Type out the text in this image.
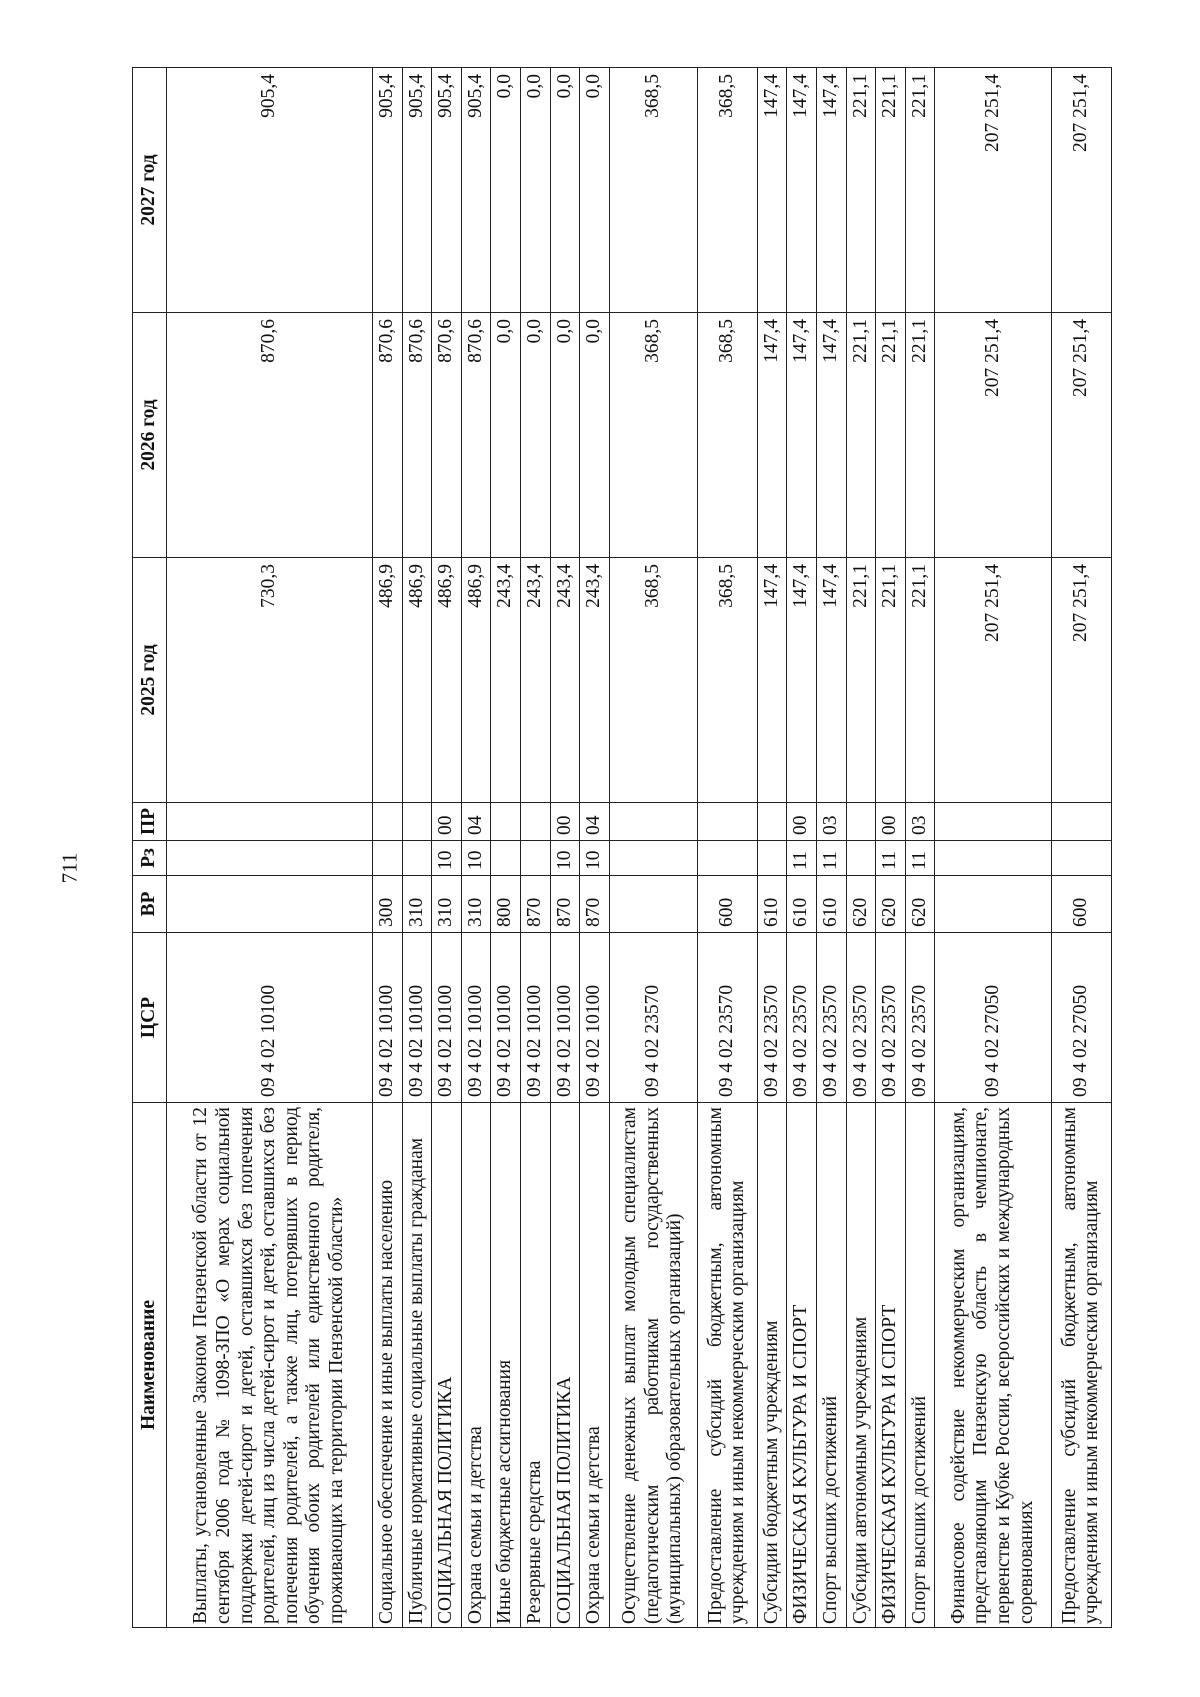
711
Наименование	ЦСР	ВР	Рз	ПР	2025 год	2026 год	2027 год
Выплаты, установленные Законом Пензенской области от 12 сентября 2006 года № 1098-ЗПО «О мерах социальной поддержки детей-сирот и детей, оставшихся без попечения родителей, лиц из числа детей-сирот и детей, оставшихся без попечения родителей, а также лиц, потерявших в период обучения обоих родителей или единственного родителя, проживающих на территории Пензенской области»	09 4 02 10100				730,3	870,6	905,4
Социальное обеспечение и иные выплаты населению	09 4 02 10100	300			486,9	870,6	905,4
Публичные нормативные социальные выплаты гражданам	09 4 02 10100	310			486,9	870,6	905,4
СОЦИАЛЬНАЯ ПОЛИТИКА	09 4 02 10100	310	10	00	486,9	870,6	905,4
Охрана семьи и детства	09 4 02 10100	310	10	04	486,9	870,6	905,4
Иные бюджетные ассигнования	09 4 02 10100	800			243,4	0,0	0,0
Резервные средства	09 4 02 10100	870			243,4	0,0	0,0
СОЦИАЛЬНАЯ ПОЛИТИКА	09 4 02 10100	870	10	00	243,4	0,0	0,0
Охрана семьи и детства	09 4 02 10100	870	10	04	243,4	0,0	0,0
Осуществление денежных выплат молодым специалистам (педагогическим работникам государственных (муниципальных) образовательных организаций)	09 4 02 23570				368,5	368,5	368,5
Предоставление субсидий бюджетным, автономным учреждениям и иным некоммерческим организациям	09 4 02 23570	600			368,5	368,5	368,5
Субсидии бюджетным учреждениям	09 4 02 23570	610			147,4	147,4	147,4
ФИЗИЧЕСКАЯ КУЛЬТУРА И СПОРТ	09 4 02 23570	610	11	00	147,4	147,4	147,4
Спорт высших достижений	09 4 02 23570	610	11	03	147,4	147,4	147,4
Субсидии автономным учреждениям	09 4 02 23570	620			221,1	221,1	221,1
ФИЗИЧЕСКАЯ КУЛЬТУРА И СПОРТ	09 4 02 23570	620	11	00	221,1	221,1	221,1
Спорт высших достижений	09 4 02 23570	620	11	03	221,1	221,1	221,1
Финансовое содействие некоммерческим организациям, представляющим Пензенскую область в чемпионате, первенстве и Кубке России, всероссийских и международных соревнованиях	09 4 02 27050				207 251,4	207 251,4	207 251,4
Предоставление субсидий бюджетным, автономным учреждениям и иным некоммерческим организациям	09 4 02 27050	600			207 251,4	207 251,4	207 251,4
